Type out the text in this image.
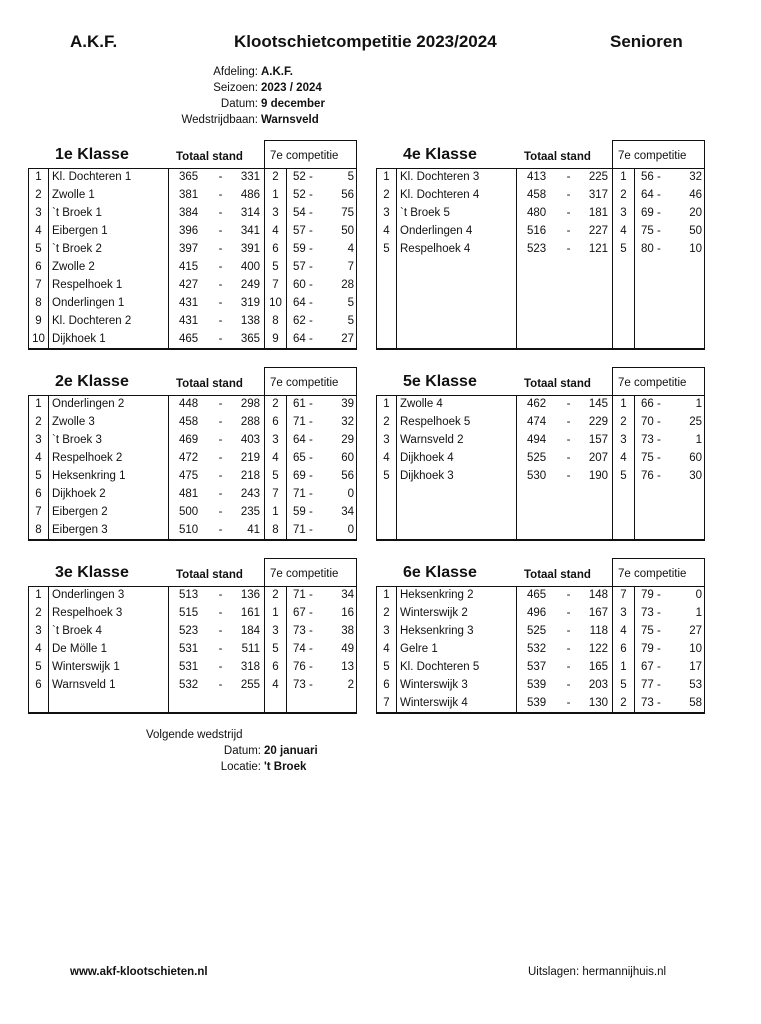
A.K.F.	Klootschietcompetitie 2023/2024	Senioren
Afdeling: A.K.F.
Seizoen: 2023 / 2024
Datum: 9 december
Wedstrijdbaan: Warnsveld
1e Klasse	Totaal stand	7e competitie
1	Kl. Dochteren 1	365	-	331	2	52 -	5
2	Zwolle 1	381	-	486	1	52 -	56
3	`t Broek 1	384	-	314	3	54 -	75
4	Eibergen 1	396	-	341	4	57 -	50
5	`t Broek 2	397	-	391	6	59 -	4
6	Zwolle 2	415	-	400	5	57 -	7
7	Respelhoek 1	427	-	249	7	60 -	28
8	Onderlingen 1	431	-	319	10	64 -	5
9	Kl. Dochteren 2	431	-	138	8	62 -	5
10	Dijkhoek 1	465	-	365	9	64 -	27
4e Klasse	Totaal stand	7e competitie
1	Kl. Dochteren 3	413	-	225	1	56 -	32
2	Kl. Dochteren 4	458	-	317	2	64 -	46
3	`t Broek 5	480	-	181	3	69 -	20
4	Onderlingen 4	516	-	227	4	75 -	50
5	Respelhoek 4	523	-	121	5	80 -	10

2e Klasse	Totaal stand	7e competitie
1	Onderlingen 2	448	-	298	2	61 -	39
2	Zwolle 3	458	-	288	6	71 -	32
3	`t Broek 3	469	-	403	3	64 -	29
4	Respelhoek 2	472	-	219	4	65 -	60
5	Heksenkring 1	475	-	218	5	69 -	56
6	Dijkhoek 2	481	-	243	7	71 -	0
7	Eibergen 2	500	-	235	1	59 -	34
8	Eibergen 3	510	-	41	8	71 -	0
5e Klasse	Totaal stand	7e competitie
1	Zwolle 4	462	-	145	1	66 -	1
2	Respelhoek 5	474	-	229	2	70 -	25
3	Warnsveld 2	494	-	157	3	73 -	1
4	Dijkhoek 4	525	-	207	4	75 -	60
5	Dijkhoek 3	530	-	190	5	76 -	30

3e Klasse	Totaal stand	7e competitie
1	Onderlingen 3	513	-	136	2	71 -	34
2	Respelhoek 3	515	-	161	1	67 -	16
3	`t Broek 4	523	-	184	3	73 -	38
4	De Mölle 1	531	-	511	5	74 -	49
5	Winterswijk 1	531	-	318	6	76 -	13
6	Warnsveld 1	532	-	255	4	73 -	2

6e Klasse	Totaal stand	7e competitie
1	Heksenkring 2	465	-	148	7	79 -	0
2	Winterswijk 2	496	-	167	3	73 -	1
3	Heksenkring 3	525	-	118	4	75 -	27
4	Gelre 1	532	-	122	6	79 -	10
5	Kl. Dochteren 5	537	-	165	1	67 -	17
6	Winterswijk 3	539	-	203	5	77 -	53
7	Winterswijk 4	539	-	130	2	73 -	58
Volgende wedstrijd
Datum: 20 januari
Locatie: 't Broek
www.akf-klootschieten.nl	Uitslagen: hermannijhuis.nl
